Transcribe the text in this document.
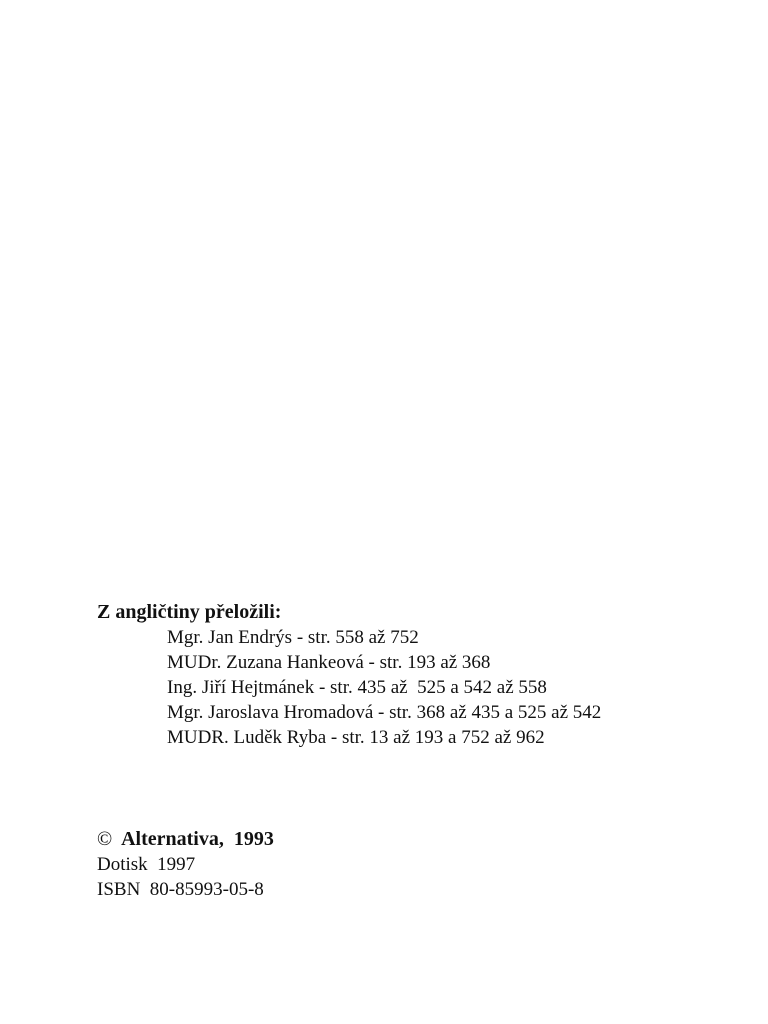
Z angličtiny přeložili:
Mgr. Jan Endrýs - str. 558 až 752
MUDr. Zuzana Hankeová - str. 193 až 368
Ing. Jiří Hejtmánek - str. 435 až  525 a 542 až 558
Mgr. Jaroslava Hromadová - str. 368 až 435 a 525 až 542
MUDR. Luděk Ryba - str. 13 až 193 a 752 až 962
© Alternativa,  1993
Dotisk  1997
ISBN  80-85993-05-8
